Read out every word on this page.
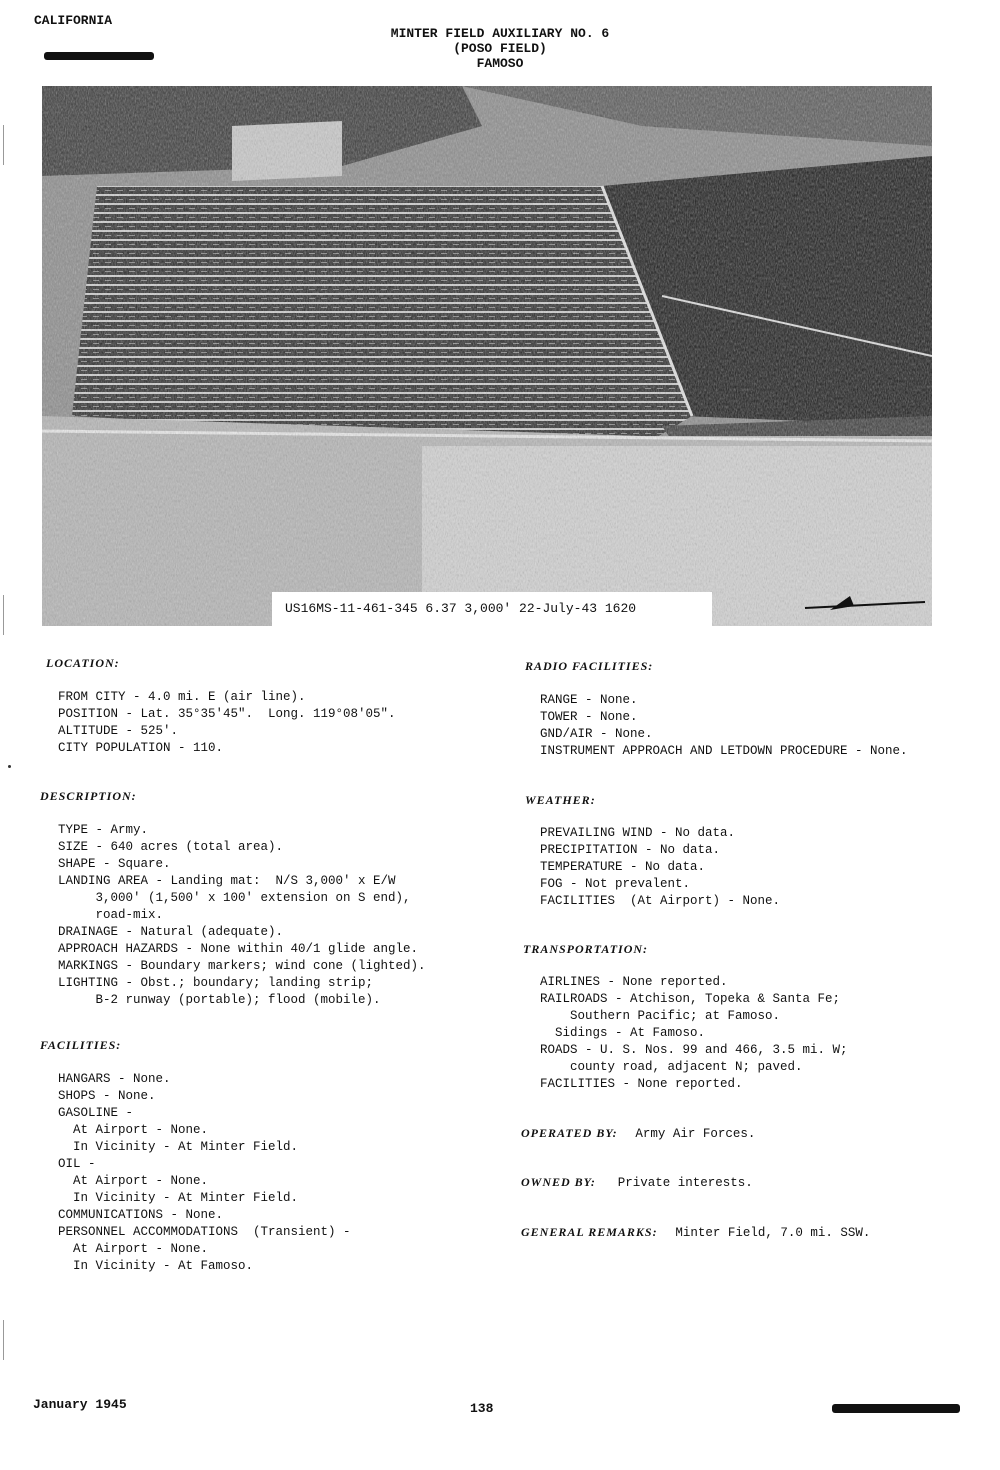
CALIFORNIA
MINTER FIELD AUXILIARY NO. 6
(POSO FIELD)
FAMOSO
US16MS-11-461-345 6.37 3,000' 22-July-43 1620
LOCATION:
FROM CITY - 4.0 mi. E (air line).
POSITION - Lat. 35°35'45".  Long. 119°08'05".
ALTITUDE - 525'.
CITY POPULATION - 110.
DESCRIPTION:
TYPE - Army.
SIZE - 640 acres (total area).
SHAPE - Square.
LANDING AREA - Landing mat:  N/S 3,000' x E/W
3,000' (1,500' x 100' extension on S end),
road-mix.
DRAINAGE - Natural (adequate).
APPROACH HAZARDS - None within 40/1 glide angle.
MARKINGS - Boundary markers; wind cone (lighted).
LIGHTING - Obst.; boundary; landing strip;
B-2 runway (portable); flood (mobile).
FACILITIES:
HANGARS - None.
SHOPS - None.
GASOLINE -
At Airport - None.
In Vicinity - At Minter Field.
OIL -
At Airport - None.
In Vicinity - At Minter Field.
COMMUNICATIONS - None.
PERSONNEL ACCOMMODATIONS  (Transient) -
At Airport - None.
In Vicinity - At Famoso.
RADIO FACILITIES:
RANGE - None.
TOWER - None.
GND/AIR - None.
INSTRUMENT APPROACH AND LETDOWN PROCEDURE - None.
WEATHER:
PREVAILING WIND - No data.
PRECIPITATION - No data.
TEMPERATURE - No data.
FOG - Not prevalent.
FACILITIES  (At Airport) - None.
TRANSPORTATION:
AIRLINES - None reported.
RAILROADS - Atchison, Topeka & Santa Fe;
Southern Pacific; at Famoso.
Sidings - At Famoso.
ROADS - U. S. Nos. 99 and 466, 3.5 mi. W;
county road, adjacent N; paved.
FACILITIES - None reported.
OPERATED BY: Army Air Forces.
OWNED BY: Private interests.
GENERAL REMARKS: Minter Field, 7.0 mi. SSW.
January 1945	138
